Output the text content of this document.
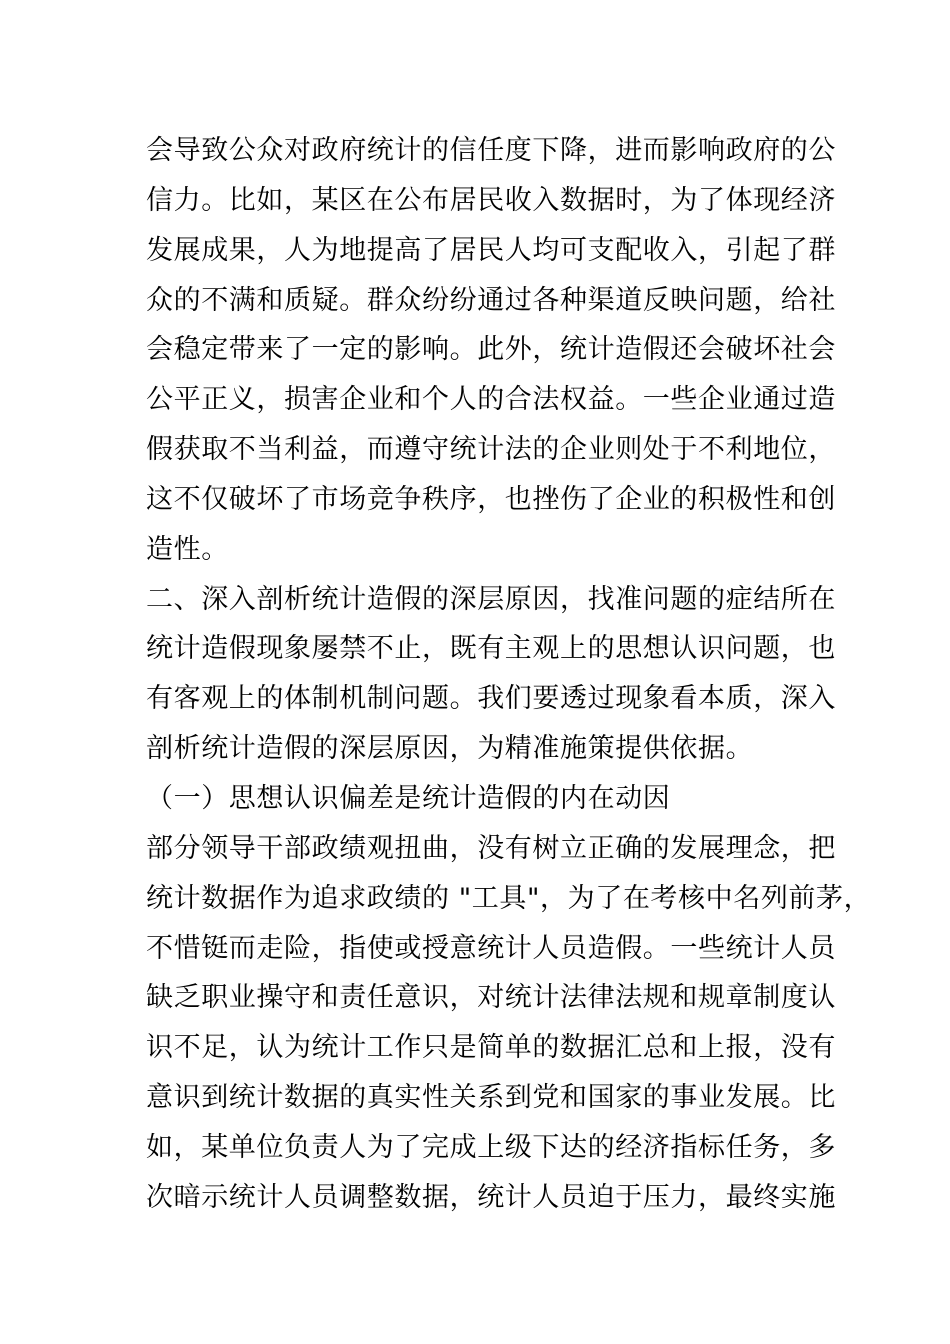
会导致公众对政府统计的信任度下降，进而影响政府的公
信力。比如，某区在公布居民收入数据时，为了体现经济
发展成果，人为地提高了居民人均可支配收入，引起了群
众的不满和质疑。群众纷纷通过各种渠道反映问题，给社
会稳定带来了一定的影响。此外，统计造假还会破坏社会
公平正义，损害企业和个人的合法权益。一些企业通过造
假获取不当利益，而遵守统计法的企业则处于不利地位，
这不仅破坏了市场竞争秩序，也挫伤了企业的积极性和创
造性。
二、深入剖析统计造假的深层原因，找准问题的症结所在
统计造假现象屡禁不止，既有主观上的思想认识问题，也
有客观上的体制机制问题。我们要透过现象看本质，深入
剖析统计造假的深层原因，为精准施策提供依据。
（一）思想认识偏差是统计造假的内在动因
部分领导干部政绩观扭曲，没有树立正确的发展理念，把
统计数据作为追求政绩的 "工具"，为了在考核中名列前茅，
不惜铤而走险，指使或授意统计人员造假。一些统计人员
缺乏职业操守和责任意识，对统计法律法规和规章制度认
识不足，认为统计工作只是简单的数据汇总和上报，没有
意识到统计数据的真实性关系到党和国家的事业发展。比
如，某单位负责人为了完成上级下达的经济指标任务，多
次暗示统计人员调整数据，统计人员迫于压力，最终实施
